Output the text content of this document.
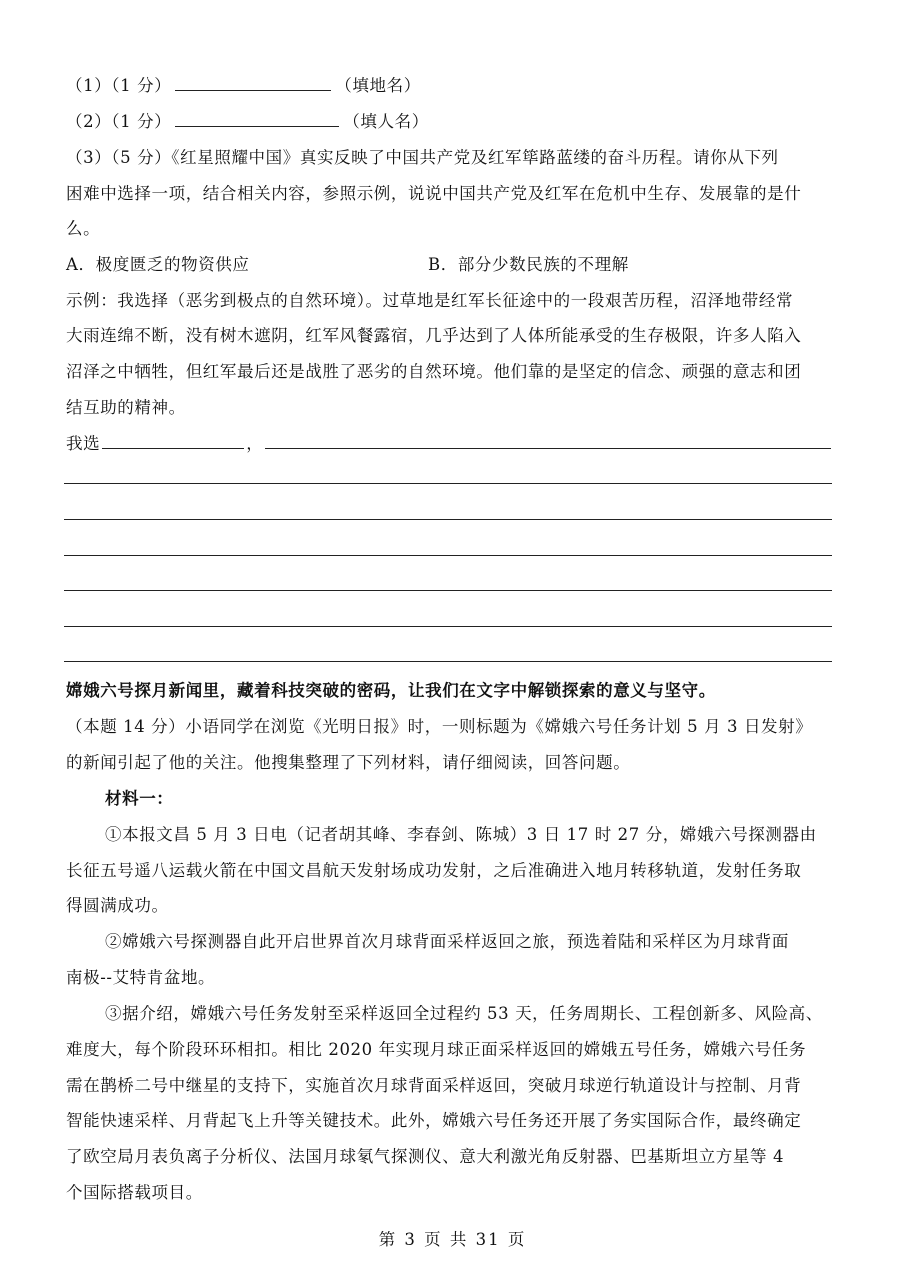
（1）（1 分）	（填地名）
（2）（1 分）	（填人名）
（3）（5 分）《红星照耀中国》真实反映了中国共产党及红军筚路蓝缕的奋斗历程。请你从下列
困难中选择一项，结合相关内容，参照示例，说说中国共产党及红军在危机中生存、发展靠的是什
么。
A．极度匮乏的物资供应	B．部分少数民族的不理解
示例：我选择（恶劣到极点的自然环境）。过草地是红军长征途中的一段艰苦历程，沼泽地带经常
大雨连绵不断，没有树木遮阴，红军风餐露宿，几乎达到了人体所能承受的生存极限，许多人陷入
沼泽之中牺牲，但红军最后还是战胜了恶劣的自然环境。他们靠的是坚定的信念、顽强的意志和团
结互助的精神。
我选	，
嫦娥六号探月新闻里，藏着科技突破的密码，让我们在文字中解锁探索的意义与坚守。
（本题 14 分）小语同学在浏览《光明日报》时，一则标题为《嫦娥六号任务计划 5 月 3 日发射》
的新闻引起了他的关注。他搜集整理了下列材料，请仔细阅读，回答问题。
材料一：
①本报文昌 5 月 3 日电（记者胡其峰、李春剑、陈城）3 日 17 时 27 分，嫦娥六号探测器由
长征五号遥八运载火箭在中国文昌航天发射场成功发射，之后准确进入地月转移轨道，发射任务取
得圆满成功。
②嫦娥六号探测器自此开启世界首次月球背面采样返回之旅，预选着陆和采样区为月球背面
南极--艾特肯盆地。
③据介绍，嫦娥六号任务发射至采样返回全过程约 53 天，任务周期长、工程创新多、风险高、
难度大，每个阶段环环相扣。相比 2020 年实现月球正面采样返回的嫦娥五号任务，嫦娥六号任务
需在鹊桥二号中继星的支持下，实施首次月球背面采样返回，突破月球逆行轨道设计与控制、月背
智能快速采样、月背起飞上升等关键技术。此外，嫦娥六号任务还开展了务实国际合作，最终确定
了欧空局月表负离子分析仪、法国月球氡气探测仪、意大利激光角反射器、巴基斯坦立方星等 4
个国际搭载项目。
第 3 页 共 31 页
